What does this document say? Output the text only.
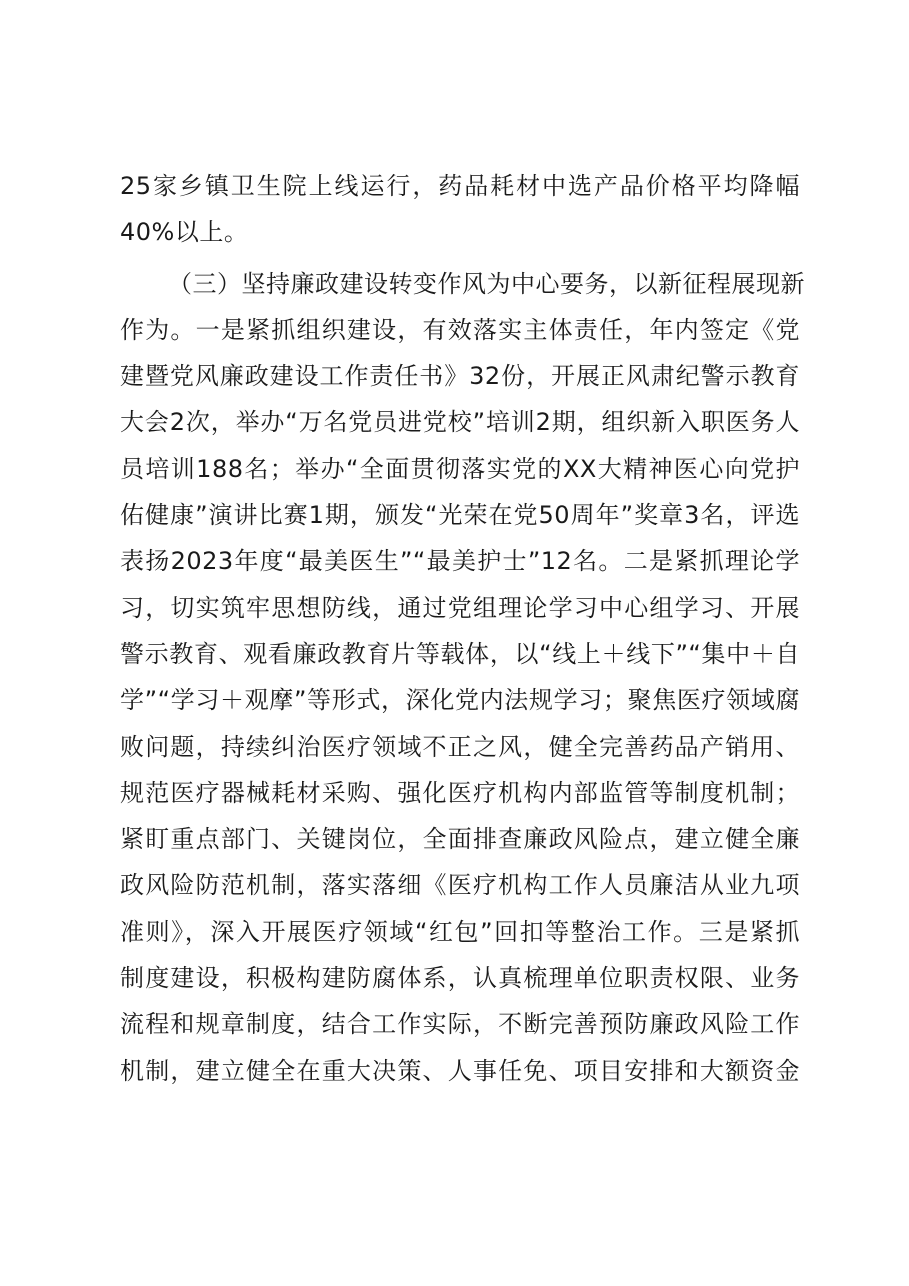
25家乡镇卫生院上线运行，药品耗材中选产品价格平均降幅
40%以上。
（三）坚持廉政建设转变作风为中心要务，以新征程展现新
作为。一是紧抓组织建设，有效落实主体责任，年内签定《党
建暨党风廉政建设工作责任书》32份，开展正风肃纪警示教育
大会2次，举办“万名党员进党校”培训2期，组织新入职医务人
员培训188名；举办“全面贯彻落实党的XX大精神医心向党护
佑健康”演讲比赛1期，颁发“光荣在党50周年”奖章3名，评选
表扬2023年度“最美医生”“最美护士”12名。二是紧抓理论学
习，切实筑牢思想防线，通过党组理论学习中心组学习、开展
警示教育、观看廉政教育片等载体，以“线上＋线下”“集中＋自
学”“学习＋观摩”等形式，深化党内法规学习；聚焦医疗领域腐
败问题，持续纠治医疗领域不正之风，健全完善药品产销用、
规范医疗器械耗材采购、强化医疗机构内部监管等制度机制；
紧盯重点部门、关键岗位，全面排查廉政风险点，建立健全廉
政风险防范机制，落实落细《医疗机构工作人员廉洁从业九项
准则》，深入开展医疗领域“红包”回扣等整治工作。三是紧抓
制度建设，积极构建防腐体系，认真梳理单位职责权限、业务
流程和规章制度，结合工作实际，不断完善预防廉政风险工作
机制，建立健全在重大决策、人事任免、项目安排和大额资金
